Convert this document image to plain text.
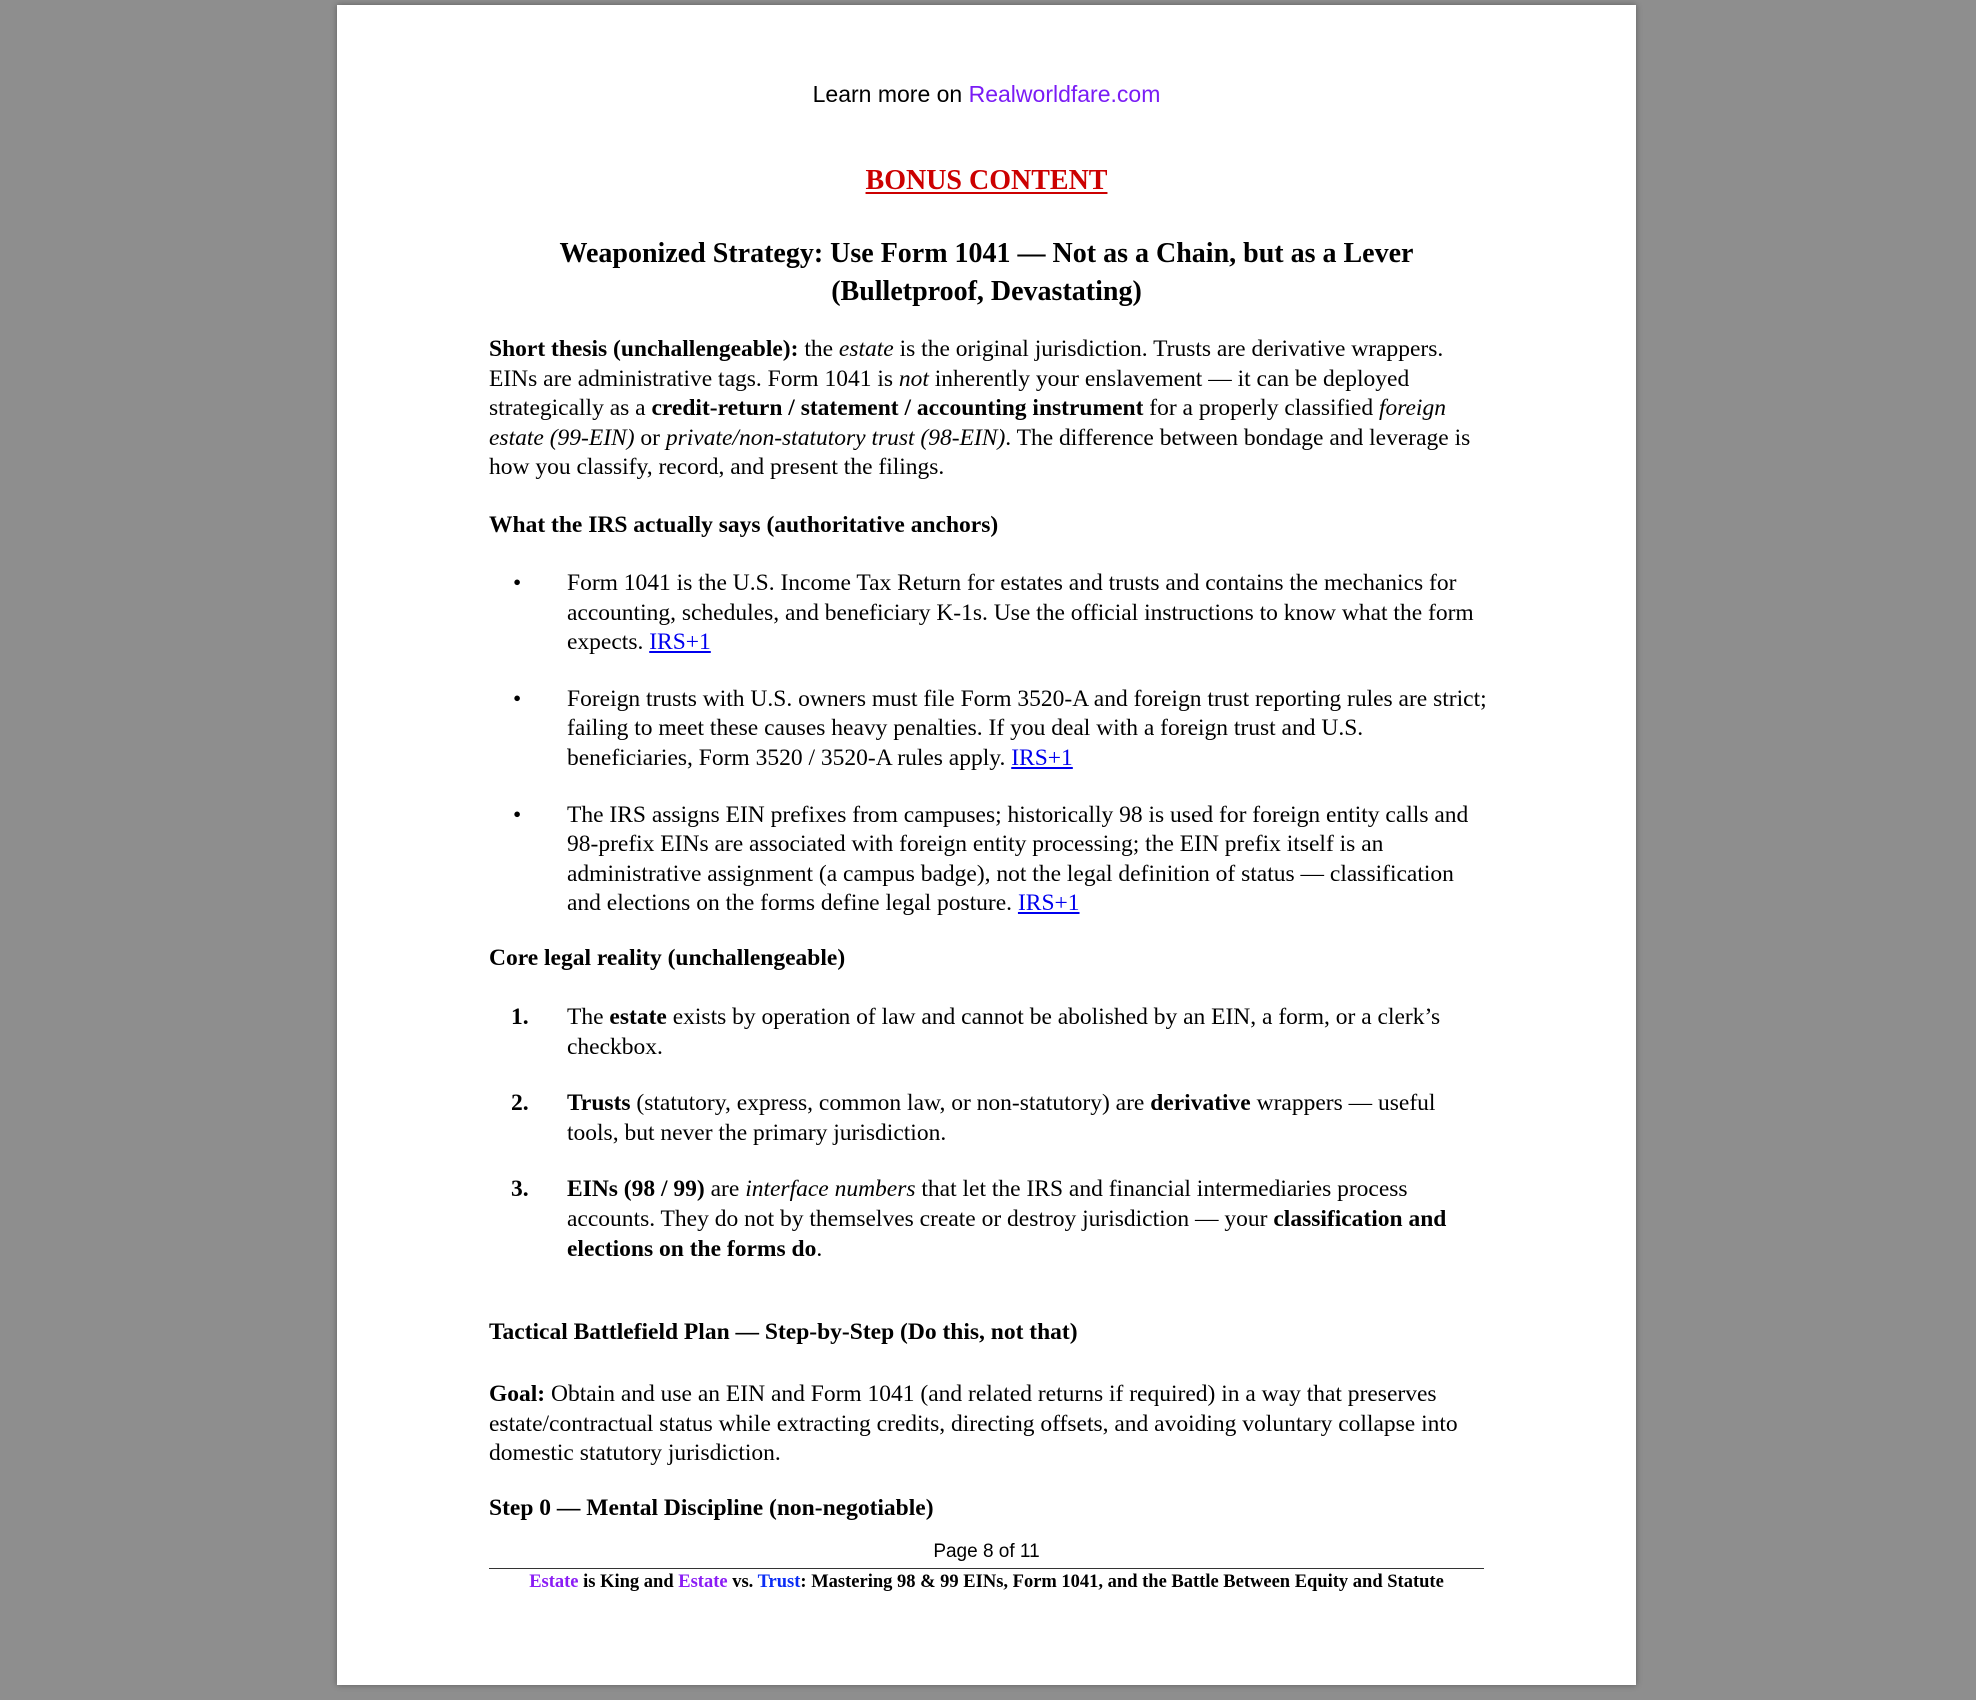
Learn more on Realworldfare.com
BONUS CONTENT
Weaponized Strategy: Use Form 1041 — Not as a Chain, but as a Lever
(Bulletproof, Devastating)
Short thesis (unchallengeable): the estate is the original jurisdiction. Trusts are derivative wrappers. EINs are administrative tags. Form 1041 is not inherently your enslavement — it can be deployed strategically as a credit-return / statement / accounting instrument for a properly classified foreign estate (99-EIN) or private/non-statutory trust (98-EIN). The difference between bondage and leverage is how you classify, record, and present the filings.
What the IRS actually says (authoritative anchors)
• Form 1041 is the U.S. Income Tax Return for estates and trusts and contains the mechanics for accounting, schedules, and beneficiary K-1s. Use the official instructions to know what the form expects. IRS+1
• Foreign trusts with U.S. owners must file Form 3520-A and foreign trust reporting rules are strict; failing to meet these causes heavy penalties. If you deal with a foreign trust and U.S. beneficiaries, Form 3520 / 3520-A rules apply. IRS+1
• The IRS assigns EIN prefixes from campuses; historically 98 is used for foreign entity calls and 98-prefix EINs are associated with foreign entity processing; the EIN prefix itself is an administrative assignment (a campus badge), not the legal definition of status — classification and elections on the forms define legal posture. IRS+1
Core legal reality (unchallengeable)
1. The estate exists by operation of law and cannot be abolished by an EIN, a form, or a clerk’s checkbox.
2. Trusts (statutory, express, common law, or non-statutory) are derivative wrappers — useful tools, but never the primary jurisdiction.
3. EINs (98 / 99) are interface numbers that let the IRS and financial intermediaries process accounts. They do not by themselves create or destroy jurisdiction — your classification and elections on the forms do.
Tactical Battlefield Plan — Step-by-Step (Do this, not that)
Goal: Obtain and use an EIN and Form 1041 (and related returns if required) in a way that preserves estate/contractual status while extracting credits, directing offsets, and avoiding voluntary collapse into domestic statutory jurisdiction.
Step 0 — Mental Discipline (non-negotiable)
Page 8 of 11
Estate is King and Estate vs. Trust: Mastering 98 & 99 EINs, Form 1041, and the Battle Between Equity and Statute
